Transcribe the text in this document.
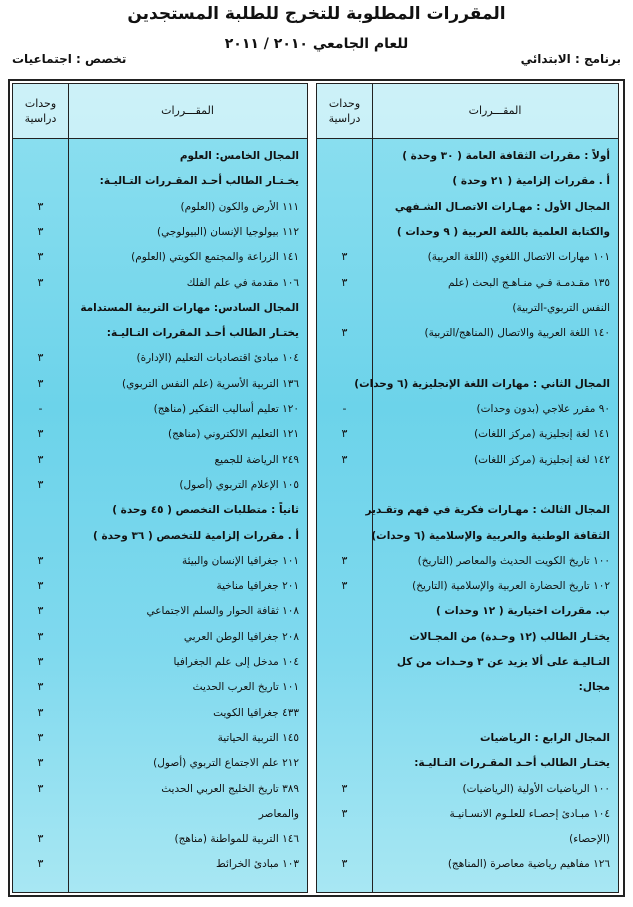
المقررات المطلوبة للتخرج للطلبة المستجدين
للعام الجامعي ٢٠١٠ / ٢٠١١
برنامج : الابتدائي
تخصص : اجتماعيات
المقـــررات
وحدات دراسية
أولاً : مقررات الثقافة العامة ( ٣٠ وحدة )
أ . مقررات إلزامية ( ٢١ وحدة )
المجال الأول : مهـارات الاتصـال الشـفهي
والكتابة العلمية باللغة العربية ( ٩ وحدات )
١٠١ مهارات الاتصال اللغوي (اللغة العربية)
٣
١٣٥ مقـدمـة فـي منـاهـج البحث (علم
٣
النفس التربوي-التربية)
١٤٠ اللغة العربية والاتصال (المناهج/التربية)
٣
المجال الثاني : مهارات اللغة الإنجليزية (٦ وحدات)
٩٠ مقرر علاجي (بدون وحدات)
-
١٤١ لغة إنجليزية (مركز اللغات)
٣
١٤٢ لغة إنجليزية (مركز اللغات)
٣
المجال الثالث : مهـارات فكرية في فهم وتقـدير
الثقافة الوطنية والعربية والإسلامية (٦ وحدات)
١٠٠ تاريخ الكويت الحديث والمعاصر (التاريخ)
٣
١٠٢ تاريخ الحضارة العربية والإسلامية (التاريخ)
٣
ب. مقررات اختيارية ( ١٢ وحدات )
يختـار الطالب (١٢ وحـدة) من المجـالات
التـاليـة على ألا يزيد عن ٣ وحـدات من كل
مجال:
المجال الرابع : الرياضيات
يختـار الطالب أحـد المقـررات التـاليـة:
١٠٠ الرياضيات الأولية (الرياضيات)
٣
١٠٤ مبـادئ إحصـاء للعلـوم الانسـانيـة
٣
(الإحصاء)
١٢٦ مفاهيم رياضية معاصرة (المناهج)
٣
وحدات دراسية
المقـــررات
المجال الخامس: العلوم
يخـتـار الطالب أحـد المقـررات التـاليـة:
١١١ الأرض والكون (العلوم)
٣
١١٢ بيولوجيا الإنسان (البيولوجي)
٣
١٤١ الزراعة والمجتمع الكويتي (العلوم)
٣
١٠٦ مقدمة في علم الفلك
٣
المجال السادس: مهارات التربية المستدامة
يختـار الطالب أحـد المقررات التـاليـة:
١٠٤ مبادئ اقتصاديات التعليم (الإدارة)
٣
١٣٦ التربية الأسرية (علم النفس التربوي)
٣
١٢٠ تعليم أساليب التفكير (مناهج)
-
١٢١ التعليم الالكتروني (مناهج)
٣
٢٤٩ الرياضة للجميع
٣
١٠٥ الإعلام التربوي (أصول)
٣
ثانياً : متطلبات التخصص ( ٤٥ وحدة )
أ . مقررات إلزامية للتخصص ( ٣٦ وحدة )
١٠١ جغرافيا الإنسان والبيئة
٣
٢٠١ جغرافيا مناخية
٣
١٠٨ ثقافة الحوار والسلم الاجتماعي
٣
٢٠٨ جغرافيا الوطن العربي
٣
١٠٤ مدخل إلى علم الجغرافيا
٣
١٠١ تاريخ العرب الحديث
٣
٤٣٣ جغرافيا الكويت
٣
١٤٥ التربية الحياتية
٣
٢١٢ علم الاجتماع التربوي (أصول)
٣
٣٨٩ تاريخ الخليج العربي الحديث
٣
والمعاصر
١٤٦ التربية للمواطنة (مناهج)
٣
١٠٣ مبادئ الخرائط
٣
